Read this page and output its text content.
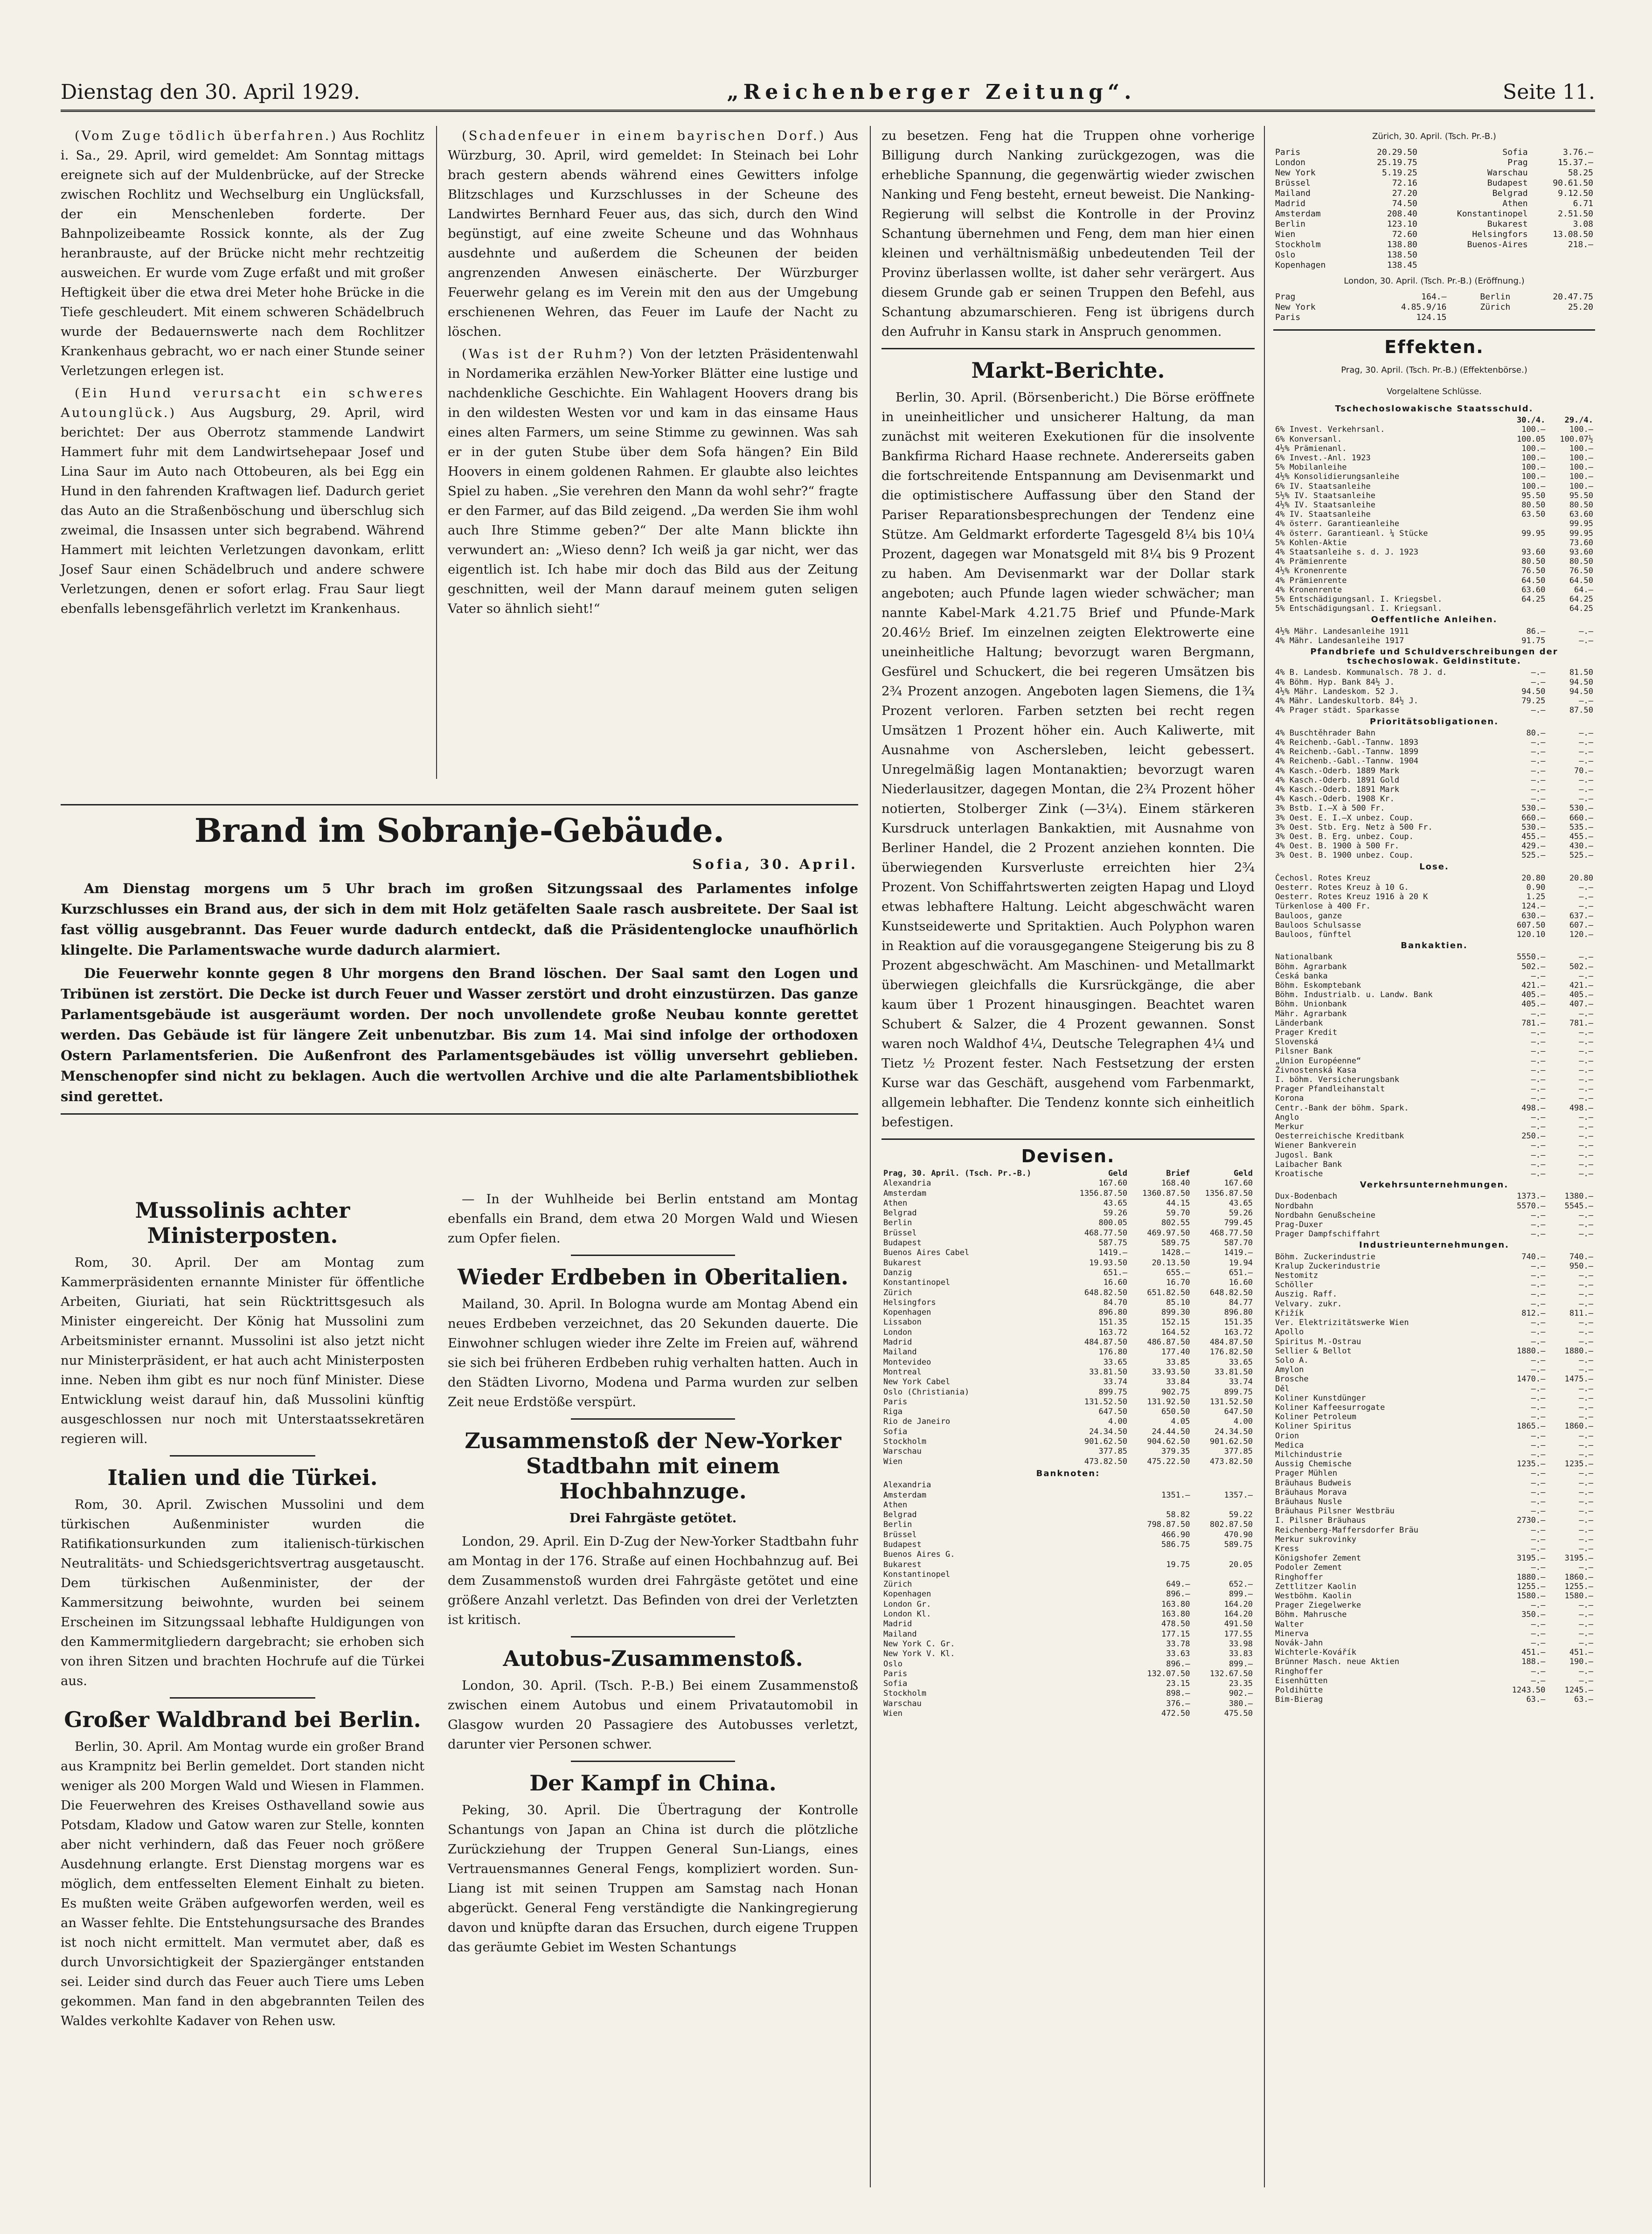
Dienstag den 30. April 1929.	„Reichenberger Zeitung“.	Seite 11.

(Vom Zuge tödlich überfahren.) Aus Rochlitz i. Sa., 29. April, wird gemeldet: Am Sonntag mittags ereignete sich auf der Muldenbrücke, auf der Strecke zwischen Rochlitz und Wechselburg ein Unglücksfall, der ein Menschenleben forderte. Der Bahnpolizeibeamte Rossick konnte, als der Zug heranbrauste, auf der Brücke nicht mehr rechtzeitig ausweichen. Er wurde vom Zuge erfaßt und mit großer Heftigkeit über die etwa drei Meter hohe Brücke in die Tiefe geschleudert. Mit einem schweren Schädelbruch wurde der Bedauernswerte nach dem Rochlitzer Krankenhaus gebracht, wo er nach einer Stunde seiner Verletzungen erlegen ist.

(Ein Hund verursacht ein schweres Autounglück.) Aus Augsburg, 29. April, wird berichtet: Der aus Oberrotz stammende Landwirt Hammert fuhr mit dem Landwirtsehepaar Josef und Lina Saur im Auto nach Ottobeuren, als bei Egg ein Hund in den fahrenden Kraftwagen lief. Dadurch geriet das Auto an die Straßenböschung und überschlug sich zweimal, die Insassen unter sich begrabend. Während Hammert mit leichten Verletzungen davonkam, erlitt Josef Saur einen Schädelbruch und andere schwere Verletzungen, denen er sofort erlag. Frau Saur liegt ebenfalls lebensgefährlich verletzt im Krankenhaus.

(Schadenfeuer in einem bayrischen Dorf.) Aus Würzburg, 30. April, wird gemeldet: In Steinach bei Lohr brach gestern abends während eines Gewitters infolge Blitzschlages und Kurzschlusses in der Scheune des Landwirtes Bernhard Feuer aus, das sich, durch den Wind begünstigt, auf eine zweite Scheune und das Wohnhaus ausdehnte und außerdem die Scheunen der beiden angrenzenden Anwesen einäscherte. Der Würzburger Feuerwehr gelang es im Verein mit den aus der Umgebung erschienenen Wehren, das Feuer im Laufe der Nacht zu löschen.

(Was ist der Ruhm?) Von der letzten Präsidentenwahl in Nordamerika erzählen New-Yorker Blätter eine lustige und nachdenkliche Geschichte. Ein Wahlagent Hoovers drang bis in den wildesten Westen vor und kam in das einsame Haus eines alten Farmers, um seine Stimme zu gewinnen. Was sah er in der guten Stube über dem Sofa hängen? Ein Bild Hoovers in einem goldenen Rahmen. Er glaubte also leichtes Spiel zu haben. „Sie verehren den Mann da wohl sehr?“ fragte er den Farmer, auf das Bild zeigend. „Da werden Sie ihm wohl auch Ihre Stimme geben?“ Der alte Mann blickte ihn verwundert an: „Wieso denn? Ich weiß ja gar nicht, wer das eigentlich ist. Ich habe mir doch das Bild aus der Zeitung geschnitten, weil der Mann darauf meinem guten seligen Vater so ähnlich sieht!“

Brand im Sobranje-Gebäude.
Sofia, 30. April.

Am Dienstag morgens um 5 Uhr brach im großen Sitzungssaal des Parlamentes infolge Kurzschlusses ein Brand aus, der sich in dem mit Holz getäfelten Saale rasch ausbreitete. Der Saal ist fast völlig ausgebrannt. Das Feuer wurde dadurch entdeckt, daß die Präsidentenglocke unaufhörlich klingelte. Die Parlamentswache wurde dadurch alarmiert.

Die Feuerwehr konnte gegen 8 Uhr morgens den Brand löschen. Der Saal samt den Logen und Tribünen ist zerstört. Die Decke ist durch Feuer und Wasser zerstört und droht einzustürzen. Das ganze Parlamentsgebäude ist ausgeräumt worden. Der noch unvollendete große Neubau konnte gerettet werden. Das Gebäude ist für längere Zeit unbenutzbar. Bis zum 14. Mai sind infolge der orthodoxen Ostern Parlamentsferien. Die Außenfront des Parlamentsgebäudes ist völlig unversehrt geblieben. Menschenopfer sind nicht zu beklagen. Auch die wertvollen Archive und die alte Parlamentsbibliothek sind gerettet.

Mussolinis achter Ministerposten.

Rom, 30. April. Der am Montag zum Kammerpräsidenten ernannte Minister für öffentliche Arbeiten, Giuriati, hat sein Rücktrittsgesuch als Minister eingereicht. Der König hat Mussolini zum Arbeitsminister ernannt. Mussolini ist also jetzt nicht nur Ministerpräsident, er hat auch acht Ministerposten inne. Neben ihm gibt es nur noch fünf Minister. Diese Entwicklung weist darauf hin, daß Mussolini künftig ausgeschlossen nur noch mit Unterstaatssekretären regieren will.

Italien und die Türkei.

Rom, 30. April. Zwischen Mussolini und dem türkischen Außenminister wurden die Ratifikationsurkunden zum italienisch-türkischen Neutralitäts- und Schiedsgerichtsvertrag ausgetauscht. Dem türkischen Außenminister, der der Kammersitzung beiwohnte, wurden bei seinem Erscheinen im Sitzungssaal lebhafte Huldigungen von den Kammermitgliedern dargebracht; sie erhoben sich von ihren Sitzen und brachten Hochrufe auf die Türkei aus.

Großer Waldbrand bei Berlin.

Berlin, 30. April. Am Montag wurde ein großer Brand aus Krampnitz bei Berlin gemeldet. Dort standen nicht weniger als 200 Morgen Wald und Wiesen in Flammen. Die Feuerwehren des Kreises Osthavelland sowie aus Potsdam, Kladow und Gatow waren zur Stelle, konnten aber nicht verhindern, daß das Feuer noch größere Ausdehnung erlangte. Erst Dienstag morgens war es möglich, dem entfesselten Element Einhalt zu bieten. Es mußten weite Gräben aufgeworfen werden, weil es an Wasser fehlte. Die Entstehungsursache des Brandes ist noch nicht ermittelt. Man vermutet aber, daß es durch Unvorsichtigkeit der Spaziergänger entstanden sei. Leider sind durch das Feuer auch Tiere ums Leben gekommen. Man fand in den abgebrannten Teilen des Waldes verkohlte Kadaver von Rehen usw.

— In der Wuhlheide bei Berlin entstand am Montag ebenfalls ein Brand, dem etwa 20 Morgen Wald und Wiesen zum Opfer fielen.

Wieder Erdbeben in Oberitalien.

Mailand, 30. April. In Bologna wurde am Montag Abend ein neues Erdbeben verzeichnet, das 20 Sekunden dauerte. Die Einwohner schlugen wieder ihre Zelte im Freien auf, während sie sich bei früheren Erdbeben ruhig verhalten hatten. Auch in den Städten Livorno, Modena und Parma wurden zur selben Zeit neue Erdstöße verspürt.

Zusammenstoß der New-Yorker Stadtbahn mit einem Hochbahnzuge.
Drei Fahrgäste getötet.

London, 29. April. Ein D-Zug der New-Yorker Stadtbahn fuhr am Montag in der 176. Straße auf einen Hochbahnzug auf. Bei dem Zusammenstoß wurden drei Fahrgäste getötet und eine größere Anzahl verletzt. Das Befinden von drei der Verletzten ist kritisch.

Autobus-Zusammenstoß.

London, 30. April. (Tsch. P.-B.) Bei einem Zusammenstoß zwischen einem Autobus und einem Privatautomobil in Glasgow wurden 20 Passagiere des Autobusses verletzt, darunter vier Personen schwer.

Der Kampf in China.

Peking, 30. April. Die Übertragung der Kontrolle Schantungs von Japan an China ist durch die plötzliche Zurückziehung der Truppen General Sun-Liangs, eines Vertrauensmannes General Fengs, kompliziert worden. Sun-Liang ist mit seinen Truppen am Samstag nach Honan abgerückt. General Feng verständigte die Nankingregierung davon und knüpfte daran das Ersuchen, durch eigene Truppen das geräumte Gebiet im Westen Schantungs

zu besetzen. Feng hat die Truppen ohne vorherige Billigung durch Nanking zurückgezogen, was die erhebliche Spannung, die gegenwärtig wieder zwischen Nanking und Feng besteht, erneut beweist. Die Nanking-Regierung will selbst die Kontrolle in der Provinz Schantung übernehmen und Feng, dem man hier einen kleinen und verhältnismäßig unbedeutenden Teil der Provinz überlassen wollte, ist daher sehr verärgert. Aus diesem Grunde gab er seinen Truppen den Befehl, aus Schantung abzumarschieren. Feng ist übrigens durch den Aufruhr in Kansu stark in Anspruch genommen.

Markt-Berichte.

Berlin, 30. April. (Börsenbericht.) Die Börse eröffnete in uneinheitlicher und unsicherer Haltung, da man zunächst mit weiteren Exekutionen für die insolvente Bankfirma Richard Haase rechnete. Andererseits gaben die fortschreitende Entspannung am Devisenmarkt und die optimistischere Auffassung über den Stand der Pariser Reparationsbesprechungen der Tendenz eine Stütze. Am Geldmarkt erforderte Tagesgeld 8¼ bis 10¼ Prozent, dagegen war Monatsgeld mit 8¼ bis 9 Prozent zu haben. Am Devisenmarkt war der Dollar stark angeboten; auch Pfunde lagen wieder schwächer; man nannte Kabel-Mark 4.21.75 Brief und Pfunde-Mark 20.46½ Brief. Im einzelnen zeigten Elektrowerte eine uneinheitliche Haltung; bevorzugt waren Bergmann, Gesfürel und Schuckert, die bei regeren Umsätzen bis 2¾ Prozent anzogen. Angeboten lagen Siemens, die 1¾ Prozent verloren. Farben setzten bei recht regen Umsätzen 1 Prozent höher ein. Auch Kaliwerte, mit Ausnahme von Aschersleben, leicht gebessert. Unregelmäßig lagen Montanaktien; bevorzugt waren Niederlausitzer, dagegen Montan, die 2¾ Prozent höher notierten, Stolberger Zink (—3¼). Einem stärkeren Kursdruck unterlagen Bankaktien, mit Ausnahme von Berliner Handel, die 2 Prozent anziehen konnten. Die überwiegenden Kursverluste erreichten hier 2¾ Prozent. Von Schiffahrtswerten zeigten Hapag und Lloyd etwas lebhaftere Haltung. Leicht abgeschwächt waren Kunstseidewerte und Spritaktien. Auch Polyphon waren in Reaktion auf die vorausgegangene Steigerung bis zu 8 Prozent abgeschwächt. Am Maschinen- und Metallmarkt überwiegen gleichfalls die Kursrückgänge, die aber kaum über 1 Prozent hinausgingen. Beachtet waren Schubert & Salzer, die 4 Prozent gewannen. Sonst waren noch Waldhof 4¼, Deutsche Telegraphen 4¼ und Tietz ½ Prozent fester. Nach Festsetzung der ersten Kurse war das Geschäft, ausgehend vom Farbenmarkt, allgemein lebhafter. Die Tendenz konnte sich einheitlich befestigen.

Devisen.
Prag, 30. April. (Tsch. Pr.-B.)	Geld	Brief	Geld
Alexandria	167.60	168.40	167.60
Amsterdam	1356.87.50	1360.87.50	1356.87.50
Athen	43.65	44.15	43.65
Belgrad	59.26	59.70	59.26
Berlin	800.05	802.55	799.45
Brüssel	468.77.50	469.97.50	468.77.50
Budapest	587.75	589.75	587.70
Buenos Aires Cabel	1419.—	1428.—	1419.—
Bukarest	19.93.50	20.13.50	19.94
Danzig	651.—	655.—	651.—
Konstantinopel	16.60	16.70	16.60
Zürich	648.82.50	651.82.50	648.82.50
Helsingfors	84.70	85.10	84.77
Kopenhagen	896.80	899.30	896.80
Lissabon	151.35	152.15	151.35
London	163.72	164.52	163.72
Madrid	484.87.50	486.87.50	484.87.50
Mailand	176.80	177.40	176.82.50
Montevideo	33.65	33.85	33.65
Montreal	33.81.50	33.93.50	33.81.50
New York Cabel	33.74	33.84	33.74
Oslo (Christiania)	899.75	902.75	899.75
Paris	131.52.50	131.92.50	131.52.50
Riga	647.50	650.50	647.50
Rio de Janeiro	4.00	4.05	4.00
Sofia	24.34.50	24.44.50	24.34.50
Stockholm	901.62.50	904.62.50	901.62.50
Warschau	377.85	379.35	377.85
Wien	473.82.50	475.22.50	473.82.50
Banknoten:			
Alexandria			
Amsterdam		1351.—	1357.—
Athen			
Belgrad		58.82	59.22
Berlin		798.87.50	802.87.50
Brüssel		466.90	470.90
Budapest		586.75	589.75
Buenos Aires G.			
Bukarest		19.75	20.05
Konstantinopel			
Zürich		649.—	652.—
Kopenhagen		896.—	899.—
London Gr.		163.80	164.20
London Kl.		163.80	164.20
Madrid		478.50	491.50
Mailand		177.15	177.55
New York C. Gr.		33.78	33.98
New York V. Kl.		33.63	33.83
Oslo		896.—	899.—
Paris		132.07.50	132.67.50
Sofia		23.15	23.35
Stockholm		898.—	902.—
Warschau		376.—	380.—
Wien		472.50	475.50
Zürich, 30. April. (Tsch. Pr.-B.)
Paris	20.29.50	Sofia	3.76.—
London	25.19.75	Prag	15.37.—
New York	5.19.25	Warschau	58.25
Brüssel	72.16	Budapest	90.61.50
Mailand	27.20	Belgrad	9.12.50
Madrid	74.50	Athen	6.71
Amsterdam	208.40	Konstantinopel	2.51.50
Berlin	123.10	Bukarest	3.08
Wien	72.60	Helsingfors	13.08.50
Stockholm	138.80	Buenos-Aires	218.—
Oslo	138.50		
Kopenhagen	138.45		
London, 30. April. (Tsch. Pr.-B.) (Eröffnung.)
Prag	164.—	Berlin	20.47.75
New York	4.85.9/16	Zürich	25.20
Paris	124.15		
Effekten.
Prag, 30. April. (Tsch. Pr.-B.) (Effektenbörse.)
Vorgelaltene Schlüsse.
Tschechoslowakische Staatsschuld.		
	30./4.	29./4.
6% Invest. Verkehrsanl.	100.—	100.—
6% Konversanl.	100.05	100.07½
4½% Prämienanl.	100.—	100.—
6% Invest.-Anl. 1923	100.—	100.—
5% Mobilanleihe	100.—	100.—
4½% Konsolidierungsanleihe	100.—	100.—
6% IV. Staatsanleihe	100.—	100.—
5½% IV. Staatsanleihe	95.50	95.50
4½% IV. Staatsanleihe	80.50	80.50
4% IV. Staatsanleihe	63.50	63.60
4% österr. Garantieanleihe		99.95
4% österr. Garantieanl. ¼ Stücke	99.95	99.95
5% Kohlen-Aktie		73.60
4% Staatsanleihe s. d. J. 1923	93.60	93.60
4% Prämienrente	80.50	80.50
4½% Kronenrente	76.50	76.50
4% Prämienrente	64.50	64.50
4% Kronenrente	63.60	64.—
5% Entschädigungsanl. I. Kriegsbel.	64.25	64.25
5% Entschädigungsanl. I. Kriegsanl.		64.25
Oeffentliche Anleihen.		
4½% Mähr. Landesanleihe 1911	86.—	—.—
4% Mähr. Landesanleihe 1917	91.75	—.—
Pfandbriefe und Schuldverschreibungen der tschechoslowak. Geldinstitute.		
4% B. Landesb. Kommunalsch. 78 J. d.	—.—	81.50
4% Böhm. Hyp. Bank 84½ J.	—.—	94.50
4½% Mähr. Landeskom. 52 J.	94.50	94.50
4% Mähr. Landeskultorb. 84½ J.	79.25	—.—
4% Prager städt. Sparkasse	—.—	87.50
Prioritätsobligationen.		
4% Buschtěhrader Bahn	80.—	—.—
4% Reichenb.-Gabl.-Tannw. 1893	—.—	—.—
4% Reichenb.-Gabl.-Tannw. 1899	—.—	—.—
4% Reichenb.-Gabl.-Tannw. 1904	—.—	—.—
4% Kasch.-Oderb. 1889 Mark	—.—	70.—
4% Kasch.-Oderb. 1891 Gold	—.—	—.—
4% Kasch.-Oderb. 1891 Mark	—.—	—.—
4% Kasch.-Oderb. 1908 Kr.	—.—	—.—
3% Bstb. I.—X à 500 Fr.	530.—	530.—
3% Oest. E. I.—X unbez. Coup.	660.—	660.—
3% Oest. Stb. Erg. Netz à 500 Fr.	530.—	535.—
3% Oest. B. Erg. unbez. Coup.	455.—	455.—
4% Oest. B. 1900 à 500 Fr.	429.—	430.—
3% Oest. B. 1900 unbez. Coup.	525.—	525.—
Lose.		
Čechosl. Rotes Kreuz	20.80	20.80
Oesterr. Rotes Kreuz à 10 G.	0.90	—.—
Oesterr. Rotes Kreuz 1916 à 20 K	1.25	—.—
Türkenlose à 400 Fr.	124.—	—.—
Bauloos, ganze	630.—	637.—
Bauloos Schulsasse	607.50	607.—
Bauloos, fünftel	120.10	120.—
Bankaktien.		
Nationalbank	5550.—	—.—
Böhm. Agrarbank	502.—	502.—
Česká banka	—.—	—.—
Böhm. Eskomptebank	421.—	421.—
Böhm. Industrialb. u. Landw. Bank	405.—	405.—
Böhm. Unionbank	405.—	407.—
Mähr. Agrarbank	—.—	—.—
Länderbank	781.—	781.—
Prager Kredit	—.—	—.—
Slovenská	—.—	—.—
Pilsner Bank	—.—	—.—
„Union Européenne“	—.—	—.—
Živnostenská Kasa	—.—	—.—
I. böhm. Versicherungsbank	—.—	—.—
Prager Pfandleihanstalt	—.—	—.—
Korona	—.—	—.—
Centr.-Bank der böhm. Spark.	498.—	498.—
Anglo	—.—	—.—
Merkur	—.—	—.—
Oesterreichische Kreditbank	250.—	—.—
Wiener Bankverein	—.—	—.—
Jugosl. Bank	—.—	—.—
Laibacher Bank	—.—	—.—
Kroatische	—.—	—.—
Verkehrsunternehmungen.		
Dux-Bodenbach	1373.—	1380.—
Nordbahn	5570.—	5545.—
Nordbahn Genußscheine	—.—	—.—
Prag-Duxer	—.—	—.—
Prager Dampfschiffahrt	—.—	—.—
Industrieunternehmungen.		
Böhm. Zuckerindustrie	740.—	740.—
Kralup Zuckerindustrie	—.—	950.—
Nestomitz	—.—	—.—
Schöller	—.—	—.—
Auszig. Raff.	—.—	—.—
Velvary. zukr.	—.—	—.—
Křižík	812.—	811.—
Ver. Elektrizitätswerke Wien	—.—	—.—
Apollo	—.—	—.—
Spiritus M.-Ostrau	—.—	—.—
Sellier & Bellot	1880.—	1880.—
Solo A.	—.—	—.—
Amylon	—.—	—.—
Brosche	1470.—	1475.—
Děl	—.—	—.—
Koliner Kunstdünger	—.—	—.—
Koliner Kaffeesurrogate	—.—	—.—
Koliner Petroleum	—.—	—.—
Koliner Spiritus	1865.—	1860.—
Orion	—.—	—.—
Medica	—.—	—.—
Milchindustrie	—.—	—.—
Aussig Chemische	1235.—	1235.—
Prager Mühlen	—.—	—.—
Bräuhaus Budweis	—.—	—.—
Bräuhaus Morava	—.—	—.—
Bräuhaus Nusle	—.—	—.—
Bräuhaus Pilsner Westbräu	—.—	—.—
I. Pilsner Bräuhaus	2730.—	—.—
Reichenberg-Maffersdorfer Bräu	—.—	—.—
Merkur sukrovinky	—.—	—.—
Kress	—.—	—.—
Königshofer Zement	3195.—	3195.—
Podoler Zement	—.—	—.—
Ringhoffer	1880.—	1860.—
Zettlitzer Kaolin	1255.—	1255.—
Westböhm. Kaolin	1580.—	1580.—
Prager Ziegelwerke	—.—	—.—
Böhm. Mahrusche	350.—	—.—
Walter	—.—	—.—
Minerva	—.—	—.—
Novák-Jahn	—.—	—.—
Wichterle-Kovářík	451.—	451.—
Brünner Masch. neue Aktien	188.—	190.—
Ringhoffer	—.—	—.—
Eisenhütten	—.—	—.—
Poldihütte	1243.50	1245.—
Bim-Bierag	63.—	63.—
